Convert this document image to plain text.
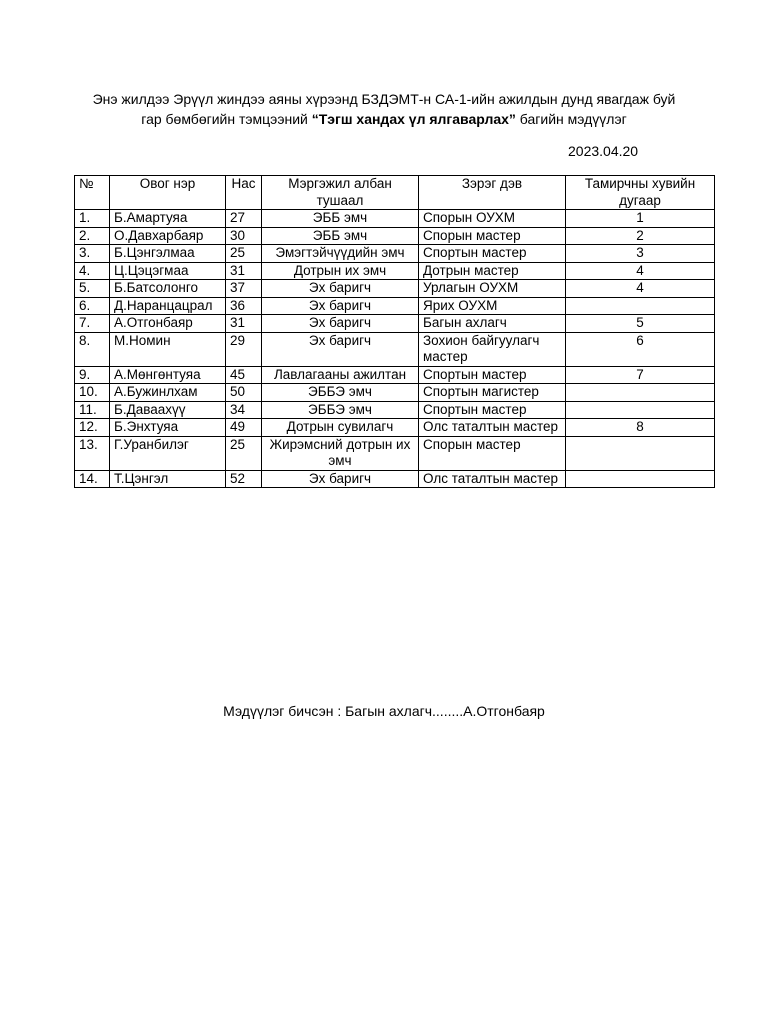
Энэ жилдээ Эрүүл жиндээ аяны хүрээнд БЗДЭМТ-н СА-1-ийн ажилдын дунд явагдаж буй
гар бөмбөгийн тэмцээний “Тэгш хандах үл ялгаварлах” багийн мэдүүлэг
2023.04.20
№	Овог нэр	Нас	Мэргэжил албан тушаал	Зэрэг дэв	Тамирчны хувийн дугаар
1.	Б.Амартуяа	27	ЭББ эмч	Спорын ОУХМ	1
2.	О.Давхарбаяр	30	ЭББ эмч	Спорын мастер	2
3.	Б.Цэнгэлмаа	25	Эмэгтэйчүүдийн эмч	Спортын мастер	3
4.	Ц.Цэцэгмаа	31	Дотрын их эмч	Дотрын мастер	4
5.	Б.Батсолонго	37	Эх баригч	Урлагын ОУХМ	4
6.	Д.Наранцацрал	36	Эх баригч	Ярих ОУХМ	
7.	А.Отгонбаяр	31	Эх баригч	Багын ахлагч	5
8.	М.Номин	29	Эх баригч	Зохион байгуулагч мастер	6
9.	А.Мөнгөнтуяа	45	Лавлагааны ажилтан	Спортын мастер	7
10.	А.Бужинлхам	50	ЭББЭ эмч	Спортын магистер	
11.	Б.Даваахүү	34	ЭББЭ эмч	Спортын мастер	
12.	Б.Энхтуяа	49	Дотрын сувилагч	Олс таталтын мастер	8
13.	Г.Уранбилэг	25	Жирэмсний дотрын их эмч	Спорын мастер	
14.	Т.Цэнгэл	52	Эх баригч	Олс таталтын мастер	
Мэдүүлэг бичсэн : Багын ахлагч........А.Отгонбаяр
